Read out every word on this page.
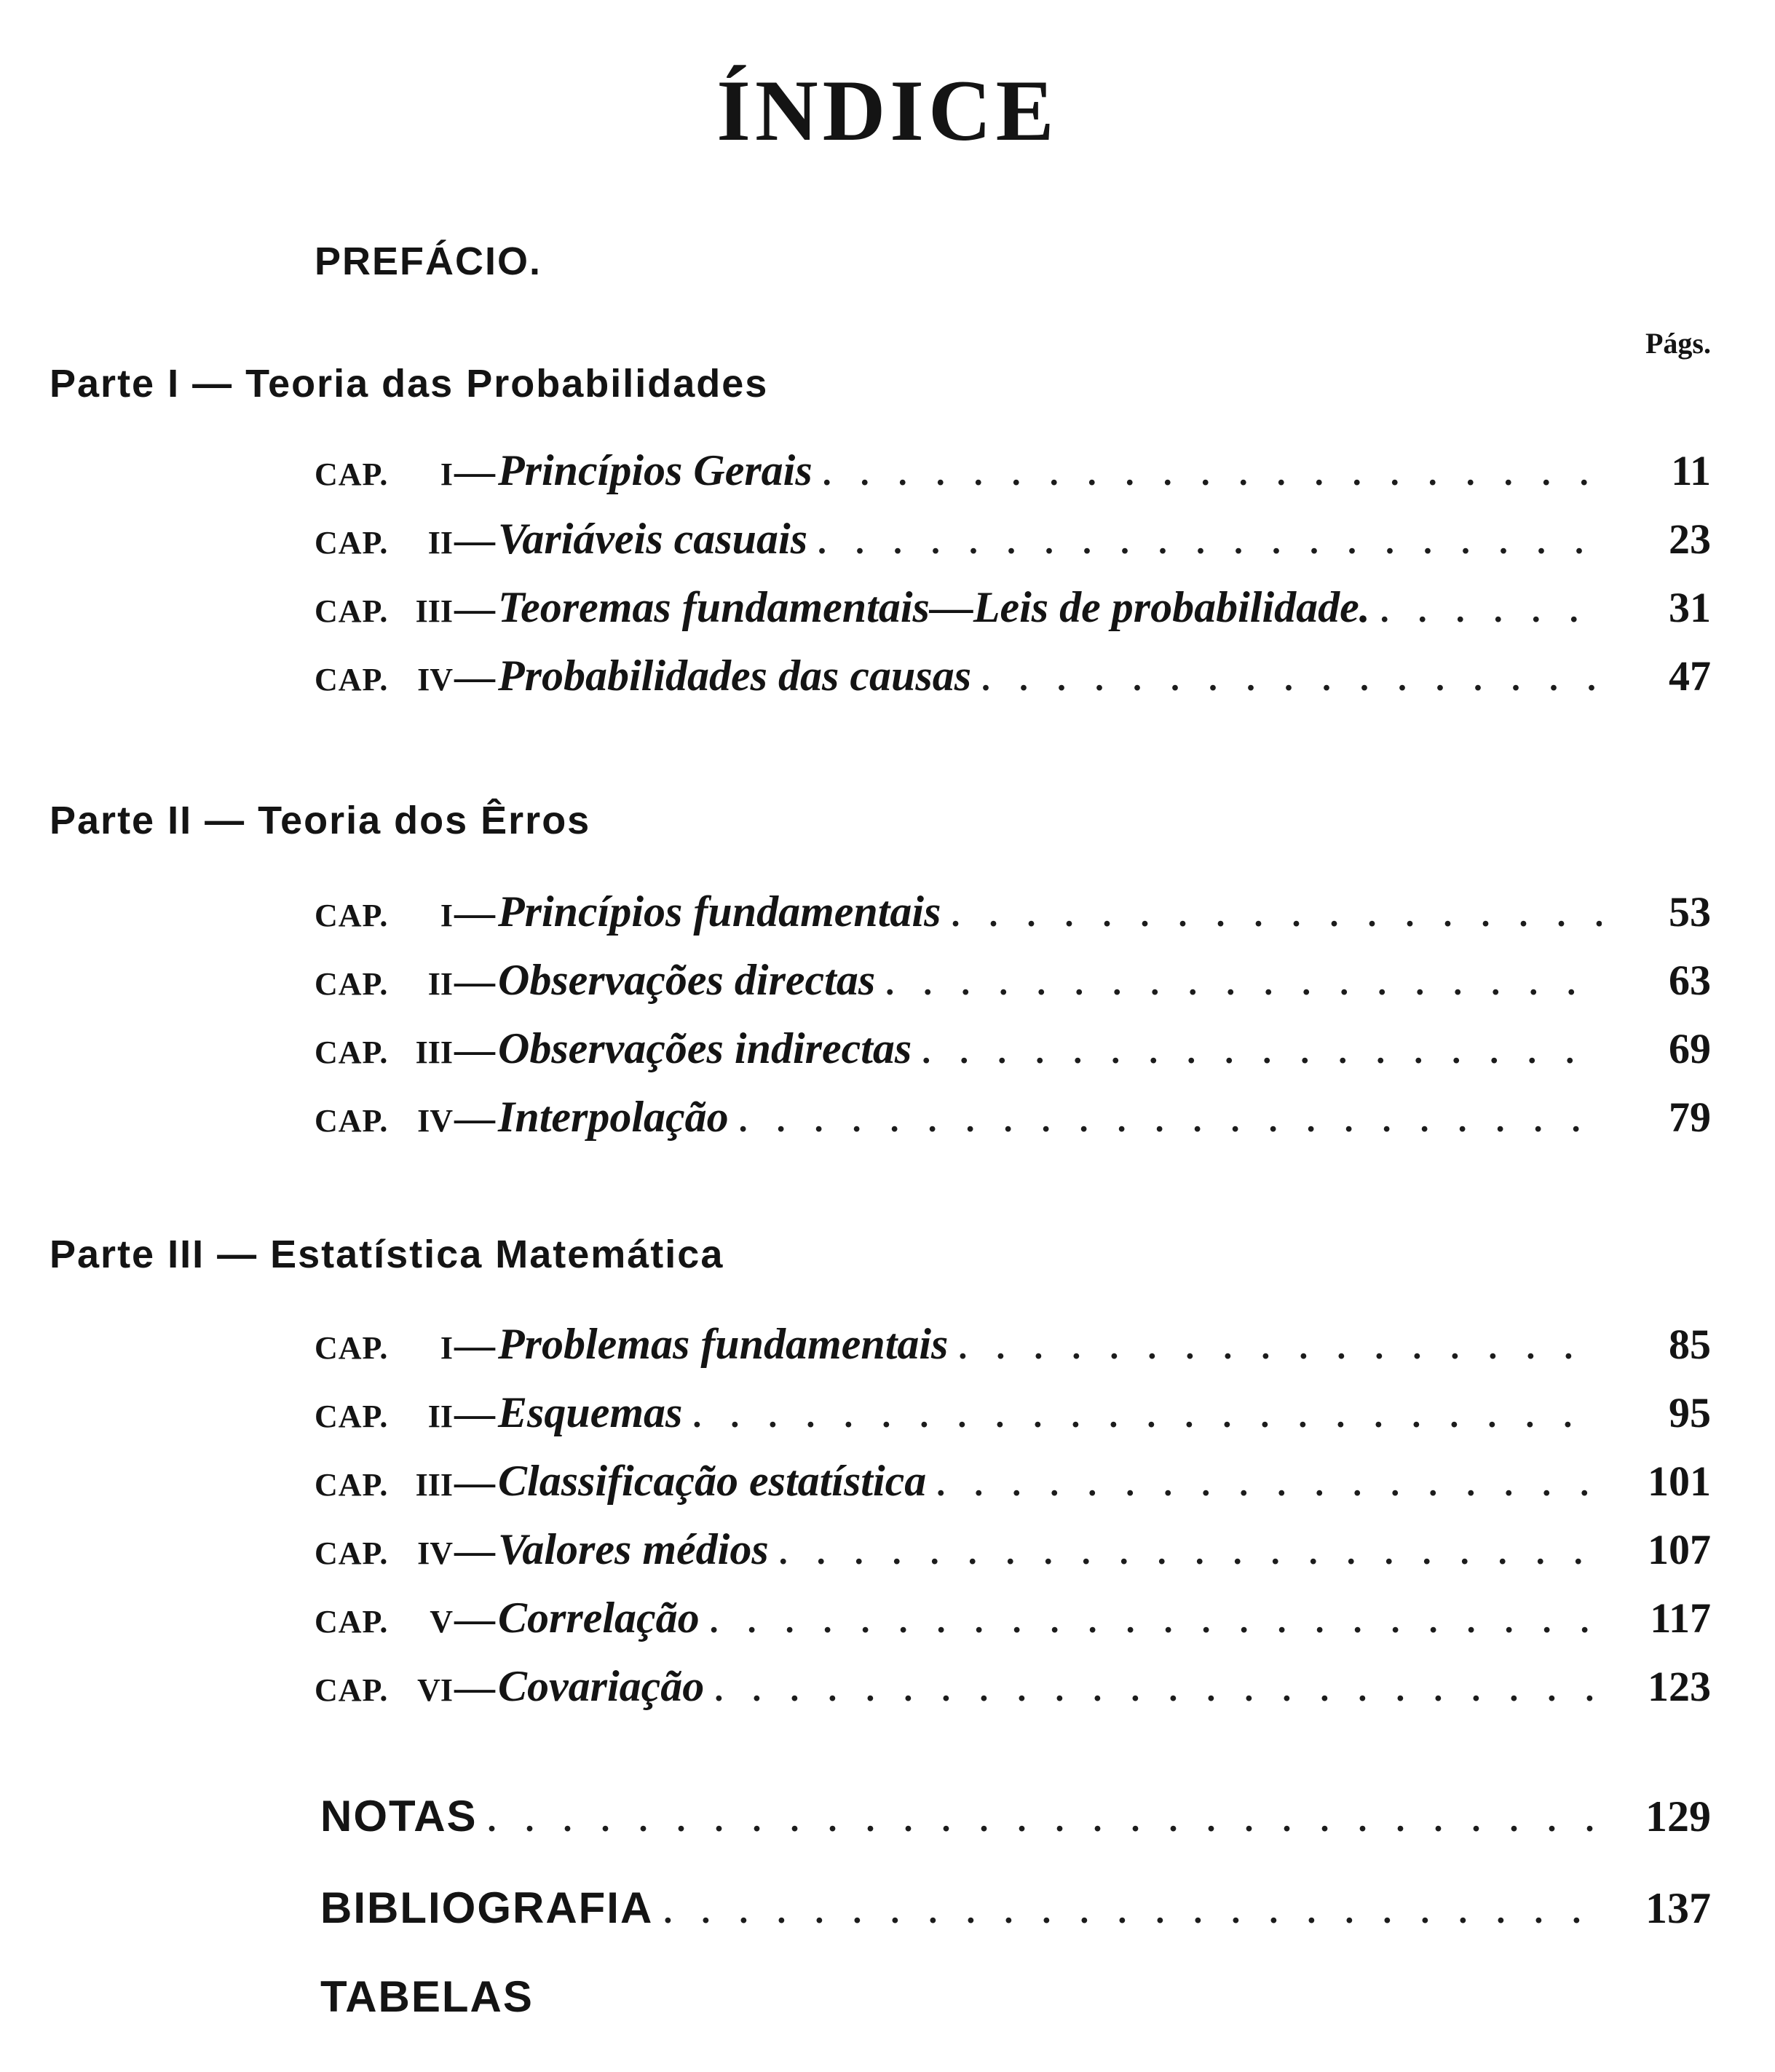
ÍNDICE
PREFÁCIO.
Págs.
Parte I — Teoria das Probabilidades
CAP.	I — Princípios Gerais . . .	11
CAP.	II — Variáveis casuais . . .	23
CAP. III — Teoremas fundamentais—Leis de probabilidade. . . .	31
CAP. IV — Probabilidades das causas . . .	47
Parte II — Teoria dos Êrros
CAP.	I — Princípios fundamentais . . .	53
CAP.	II — Observações directas . . .	63
CAP. III — Observações indirectas . . .	69
CAP. IV — Interpolação . . .	79
Parte III — Estatística Matemática
CAP.	I — Problemas fundamentais . . .	85
CAP.	II — Esquemas . . .	95
CAP. III — Classificação estatística . . .	101
CAP. IV — Valores médios . . .	107
CAP.	V — Correlação . . .	117
CAP. VI — Covariação . . .	123
NOTAS . . .	129
BIBLIOGRAFIA . . .	137
TABELAS
